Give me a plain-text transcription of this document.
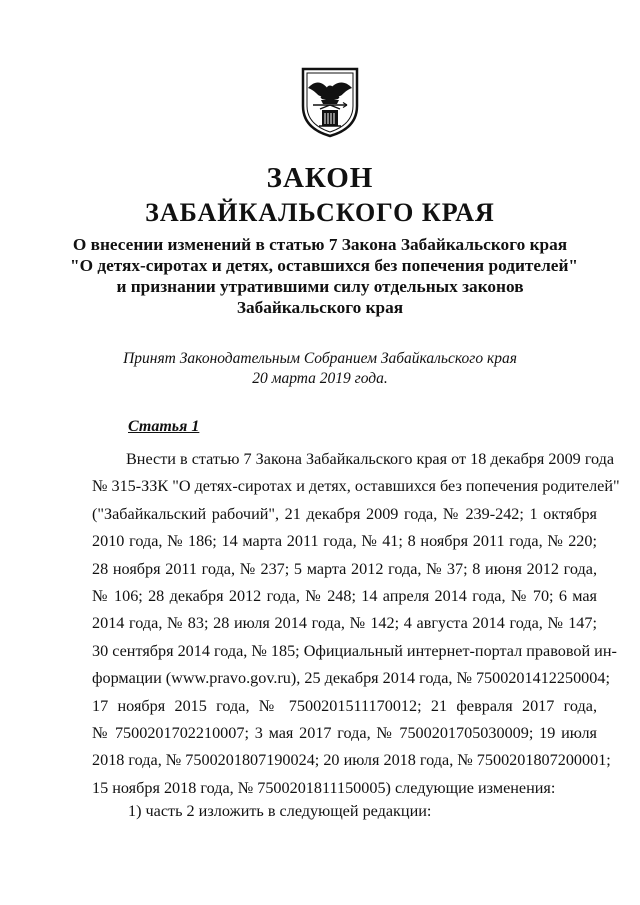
ЗАКОН
ЗАБАЙКАЛЬСКОГО КРАЯ
О внесении изменений в статью 7 Закона Забайкальского края
"О детях-сиротах и детях, оставшихся без попечения родителей"
и признании утратившими силу отдельных законов
Забайкальского края
Принят Законодательным Собранием Забайкальского края
20 марта 2019 года.
Статья 1
Внести в статью 7 Закона Забайкальского края от 18 декабря 2009 года
№ 315-ЗЗК "О детях-сиротах и детях, оставшихся без попечения родителей"
("Забайкальский рабочий", 21 декабря 2009 года, № 239-242; 1 октября
2010 года, № 186; 14 марта 2011 года, № 41; 8 ноября 2011 года, № 220;
28 ноября 2011 года, № 237; 5 марта 2012 года, № 37; 8 июня 2012 года,
№ 106; 28 декабря 2012 года, № 248; 14 апреля 2014 года, № 70; 6 мая
2014 года, № 83; 28 июля 2014 года, № 142; 4 августа 2014 года, № 147;
30 сентября 2014 года, № 185; Официальный интернет-портал правовой ин-
формации (www.pravo.gov.ru), 25 декабря 2014 года, № 7500201412250004;
17 ноября 2015 года, № 7500201511170012; 21 февраля 2017 года,
№ 7500201702210007; 3 мая 2017 года, № 7500201705030009; 19 июля
2018 года, № 7500201807190024; 20 июля 2018 года, № 7500201807200001;
15 ноября 2018 года, № 7500201811150005) следующие изменения:
1) часть 2 изложить в следующей редакции:
